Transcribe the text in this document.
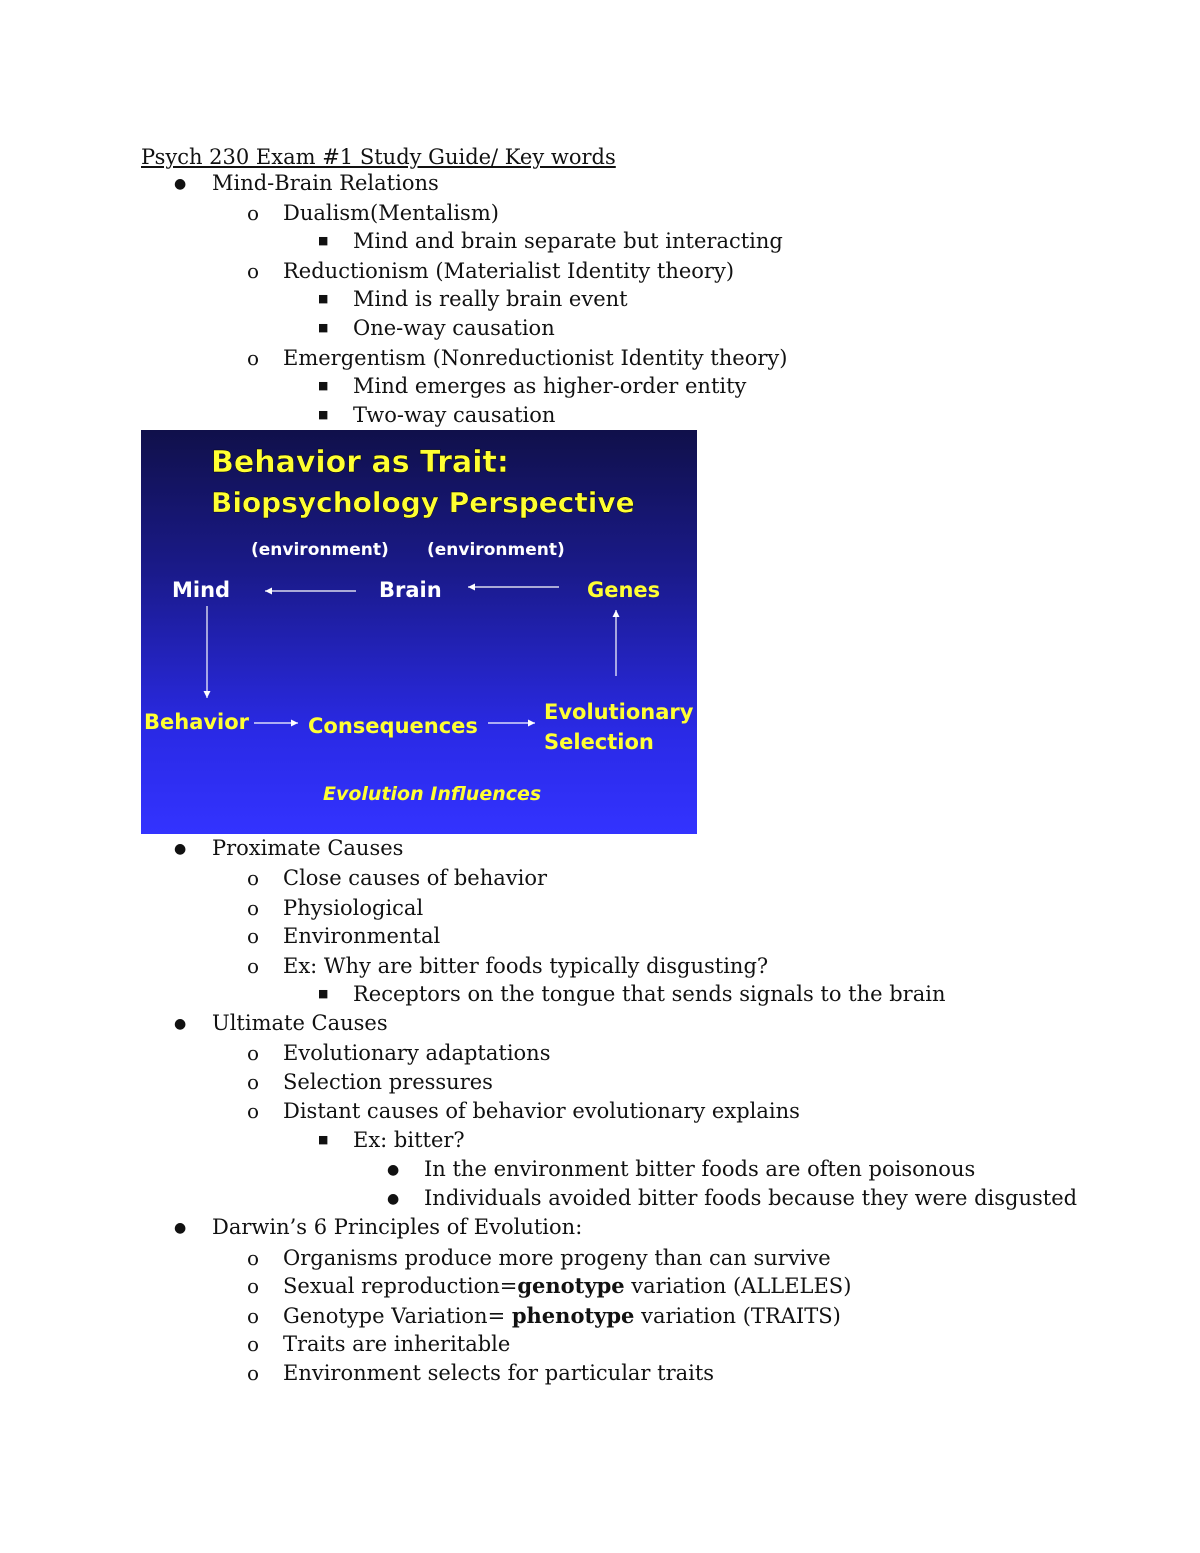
Psych 230 Exam #1 Study Guide/ Key words
● Mind-Brain Relations
o Dualism(Mentalism)
■ Mind and brain separate but interacting
o Reductionism (Materialist Identity theory)
■ Mind is really brain event
■ One-way causation
o Emergentism (Nonreductionist Identity theory)
■ Mind emerges as higher-order entity
■ Two-way causation
Behavior as Trait:
Biopsychology Perspective
(environment) (environment)
Mind	Brain	Genes
Behavior	Consequences
Evolutionary
Selection
Evolution Influences
● Proximate Causes
o Close causes of behavior
o Physiological
o Environmental
o Ex: Why are bitter foods typically disgusting?
■ Receptors on the tongue that sends signals to the brain
● Ultimate Causes
o Evolutionary adaptations
o Selection pressures
o Distant causes of behavior evolutionary explains
■ Ex: bitter?
● In the environment bitter foods are often poisonous
● Individuals avoided bitter foods because they were disgusted
● Darwin’s 6 Principles of Evolution:
o Organisms produce more progeny than can survive
o Sexual reproduction=genotype variation (ALLELES)
o Genotype Variation= phenotype variation (TRAITS)
o Traits are inheritable
o Environment selects for particular traits
